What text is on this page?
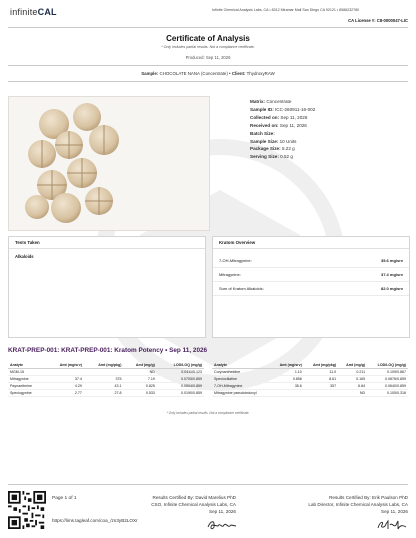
infiniteCAL	Infinite Chemical Analysis Labs, CA • 8312 Miramar Mall San Diego CA 92121 • 8586232780
CA License #: C8-0000047-LIC
Certificate of Analysis
* Only includes partial results. Not a compliance certificate.
Produced: Sep 11, 2026
Sample: CHOCOLATE NANA (Concentrate) • Client: ThydroxyRAW
Matrix: Concentrate
Sample ID: ICC-260911-16-002
Collected on: Sep 11, 2026
Received on: Sep 11, 2026
Batch Size:
Sample Size: 10 Units
Package Size: 5.22 g
Serving Size: 0.52 g
Tests Taken
Alkaloids
Kratom Overview
7-OH-Mitragynine:	35.6 mg/srv
Mitragynine:	37.4 mg/srv
Sum of Kratom Alkaloids:	82.0 mg/srv
KRAT-PREP-001: KRAT-PREP-001: Kratom Potency • Sep 11, 2026
Analyte	Amt (mg/srv)	Amt (mg/pkg)	Amt (mg/g)	LOD/LOQ (mg/g)
MGM-15			ND	0.0411/0.123
Mitragynine	37.4	375	7.19	0.0705/0.859
Paynantheine	4.29	43.1	0.825	0.0504/0.859
Speciogynine	2.77	27.8	0.533	0.0190/0.859
Analyte	Amt (mg/srv)	Amt (mg/pkg)	Amt (mg/g)	LOD/LOQ (mg/g)
Corynantheidine	1.10	11.0	0.211	0.109/0.867
Speciociliatine	0.858	8.61	0.165	0.0876/0.859
7-OH-Mitragynine	35.6	357	6.84	0.0640/0.859
Mitragynine pseudoindoxyl			ND	0.105/0.316
* Only includes partial results. Not a compliance certificate.
Page 1 of 1
https://lims.tagleaf.com/coa_/zn3yB2LOXr
Results Certified By: David Marelius PhD
CSO, Infinite Chemical Analysis Labs, CA
Sep 11, 2026
Results Certified By: Erik Paulson PhD
Lab Director, Infinite Chemical Analysis Labs, CA
Sep 11, 2026
